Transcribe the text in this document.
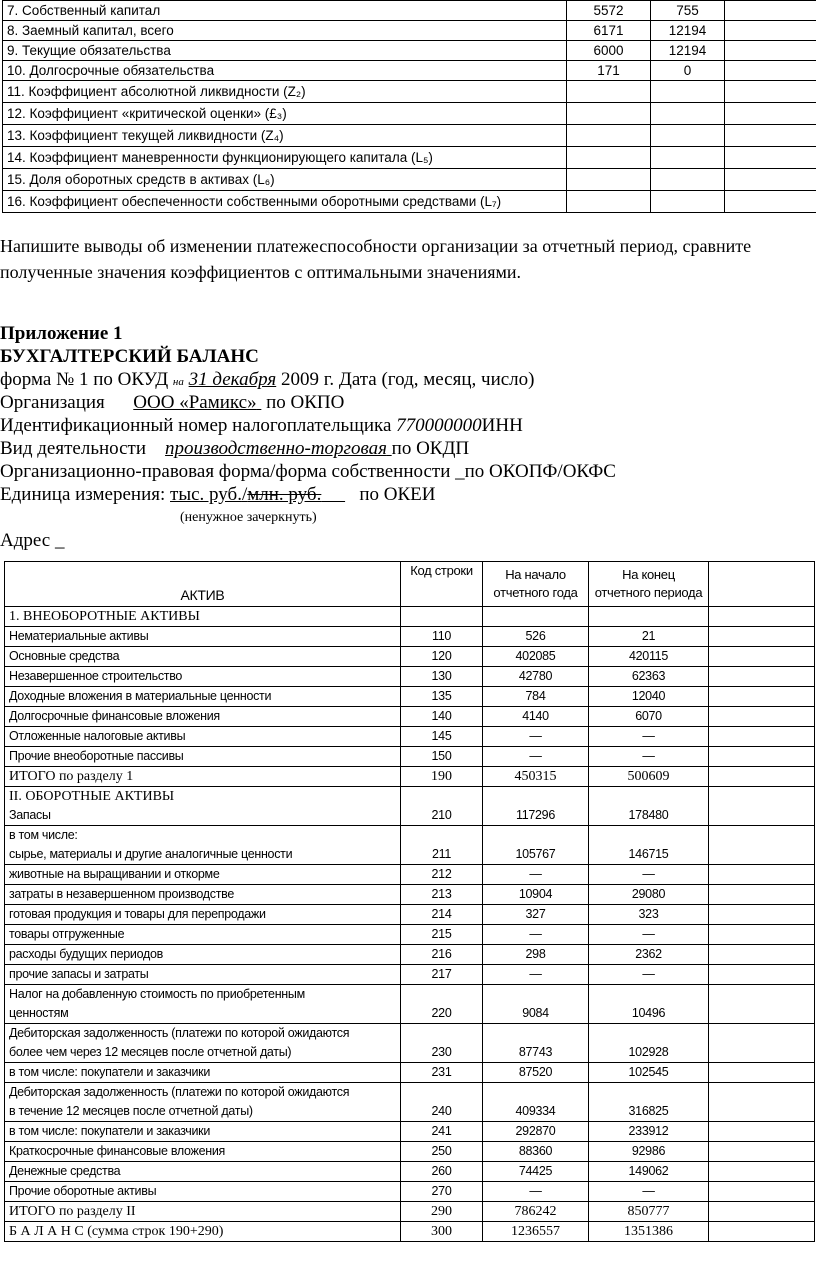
7. Собственный капитал	5572	755	
8. Заемный капитал, всего	6171	12194	
9. Текущие обязательства	6000	12194	
10. Долгосрочные обязательства	171	0	
11. Коэффициент абсолютной ликвидности (Z₂)			
12. Коэффициент «критической оценки» (£₃)			
13. Коэффициент текущей ликвидности (Z₄)			
14. Коэффициент маневренности функционирующего капитала (L₅)			
15. Доля оборотных средств в активах (L₆)			
16. Коэффициент обеспеченности собственными оборотными средствами (L₇)			
Напишите выводы об изменении платежеспособности организации за отчетный период, сравните полученные значения коэффициентов с оптимальными значениями.
Приложение 1
БУХГАЛТЕРСКИЙ БАЛАНС
форма № 1 по ОКУД на 31 декабря 2009 г. Дата (год, месяц, число)
Организация ООО «Рамикс» по ОКПО
Идентификационный номер налогоплательщика 770000000ИНН
Вид деятельности производственно-торговая по ОКДП
Организационно-правовая форма/форма собственности _по ОКОПФ/ОКФС
Единица измерения: тыс. руб./млн. руб. по ОКЕИ
(ненужное зачеркнуть)
Адрес _
АКТИВ	Код строки	На начало отчетного года	На конец отчетного периода	
1. ВНЕОБОРОТНЫЕ АКТИВЫ				
Нематериальные активы	110	526	21	
Основные средства	120	402085	420115	
Незавершенное строительство	130	42780	62363	
Доходные вложения в материальные ценности	135	784	12040	
Долгосрочные финансовые вложения	140	4140	6070	
Отложенные налоговые активы	145	—	—	
Прочие внеоборотные пассивы	150	—	—	
ИТОГО по разделу 1	190	450315	500609	

II. ОБОРОТНЫЕ АКТИВЫ
Запасы	210	117296	178480	

в том числе:
сырье, материалы и другие аналогичные ценности	211	105767	146715	
животные на выращивании и откорме	212	—	—	
затраты в незавершенном производстве	213	10904	29080	
готовая продукция и товары для перепродажи	214	327	323	
товары отгруженные	215	—	—	
расходы будущих периодов	216	298	2362	
прочие запасы и затраты	217	—	—	

Налог на добавленную стоимость по приобретенным
ценностям	220	9084	10496	

Дебиторская задолженность (платежи по которой ожидаются
более чем через 12 месяцев после отчетной даты)	230	87743	102928	
в том числе: покупатели и заказчики	231	87520	102545	

Дебиторская задолженность (платежи по которой ожидаются
в течение 12 месяцев после отчетной даты)	240	409334	316825	
в том числе: покупатели и заказчики	241	292870	233912	
Краткосрочные финансовые вложения	250	88360	92986	
Денежные средства	260	74425	149062	
Прочие оборотные активы	270	—	—	
ИТОГО по разделу II	290	786242	850777	
Б А Л А Н С (сумма строк 190+290)	300	1236557	1351386	
